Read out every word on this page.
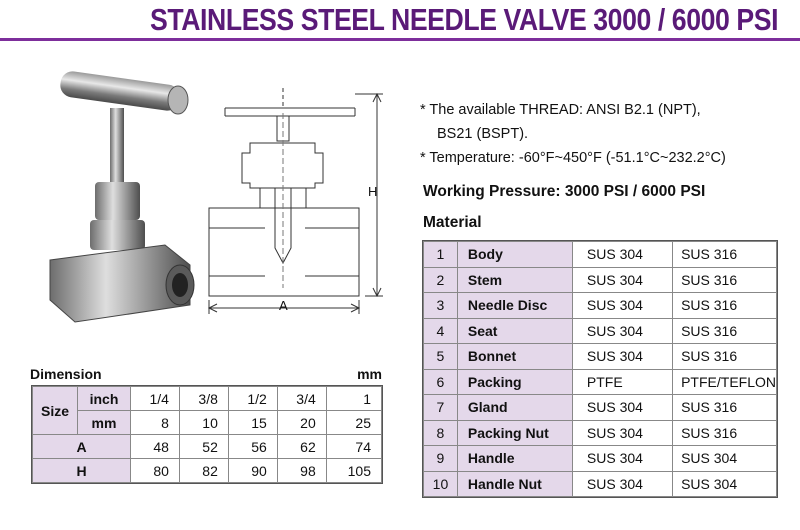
STAINLESS STEEL NEEDLE VALVE 3000 / 6000 PSI
H
A
* The available THREAD: ANSI B2.1 (NPT),
BS21 (BSPT).
* Temperature: -60°F~450°F (-51.1°C~232.2°C)
Working Pressure: 3000 PSI / 6000 PSI
Material
1	Body	SUS 304	SUS 316
2	Stem	SUS 304	SUS 316
3	Needle Disc	SUS 304	SUS 316
4	Seat	SUS 304	SUS 316
5	Bonnet	SUS 304	SUS 316
6	Packing	PTFE	PTFE/TEFLON
7	Gland	SUS 304	SUS 316
8	Packing Nut	SUS 304	SUS 316
9	Handle	SUS 304	SUS 304
10	Handle Nut	SUS 304	SUS 304
Dimension	mm
Size	inch	1/4	3/8	1/2	3/4	1
	mm	8	10	15	20	25
A		48	52	56	62	74
H		80	82	90	98	105
